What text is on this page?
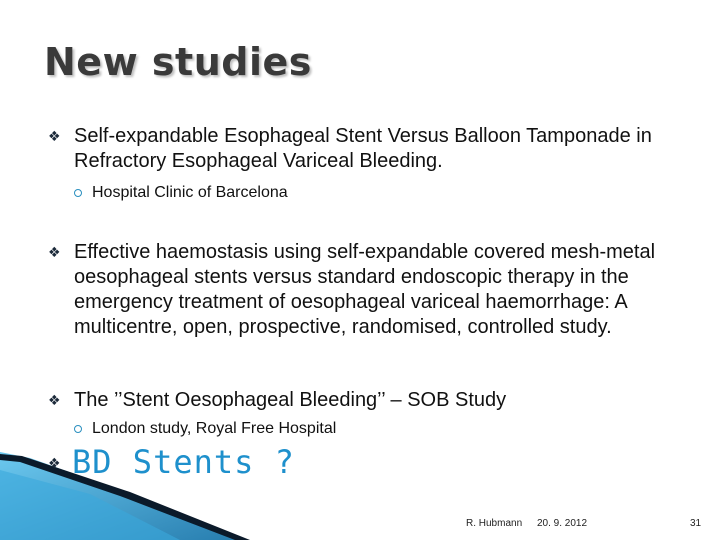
New studies
❖ Self-expandable Esophageal Stent Versus Balloon Tamponade in Refractory Esophageal Variceal Bleeding.
Hospital Clinic of Barcelona
❖ Effective haemostasis using self-expandable covered mesh-metal oesophageal stents versus standard endoscopic therapy in the emergency treatment of oesophageal variceal haemorrhage: A multicentre, open, prospective, randomised, controlled study.
❖ The ’’Stent Oesophageal Bleeding’’ – SOB Study
London study, Royal Free Hospital
❖ BD Stents ?
R. Hubmann 20. 9. 2012	31
